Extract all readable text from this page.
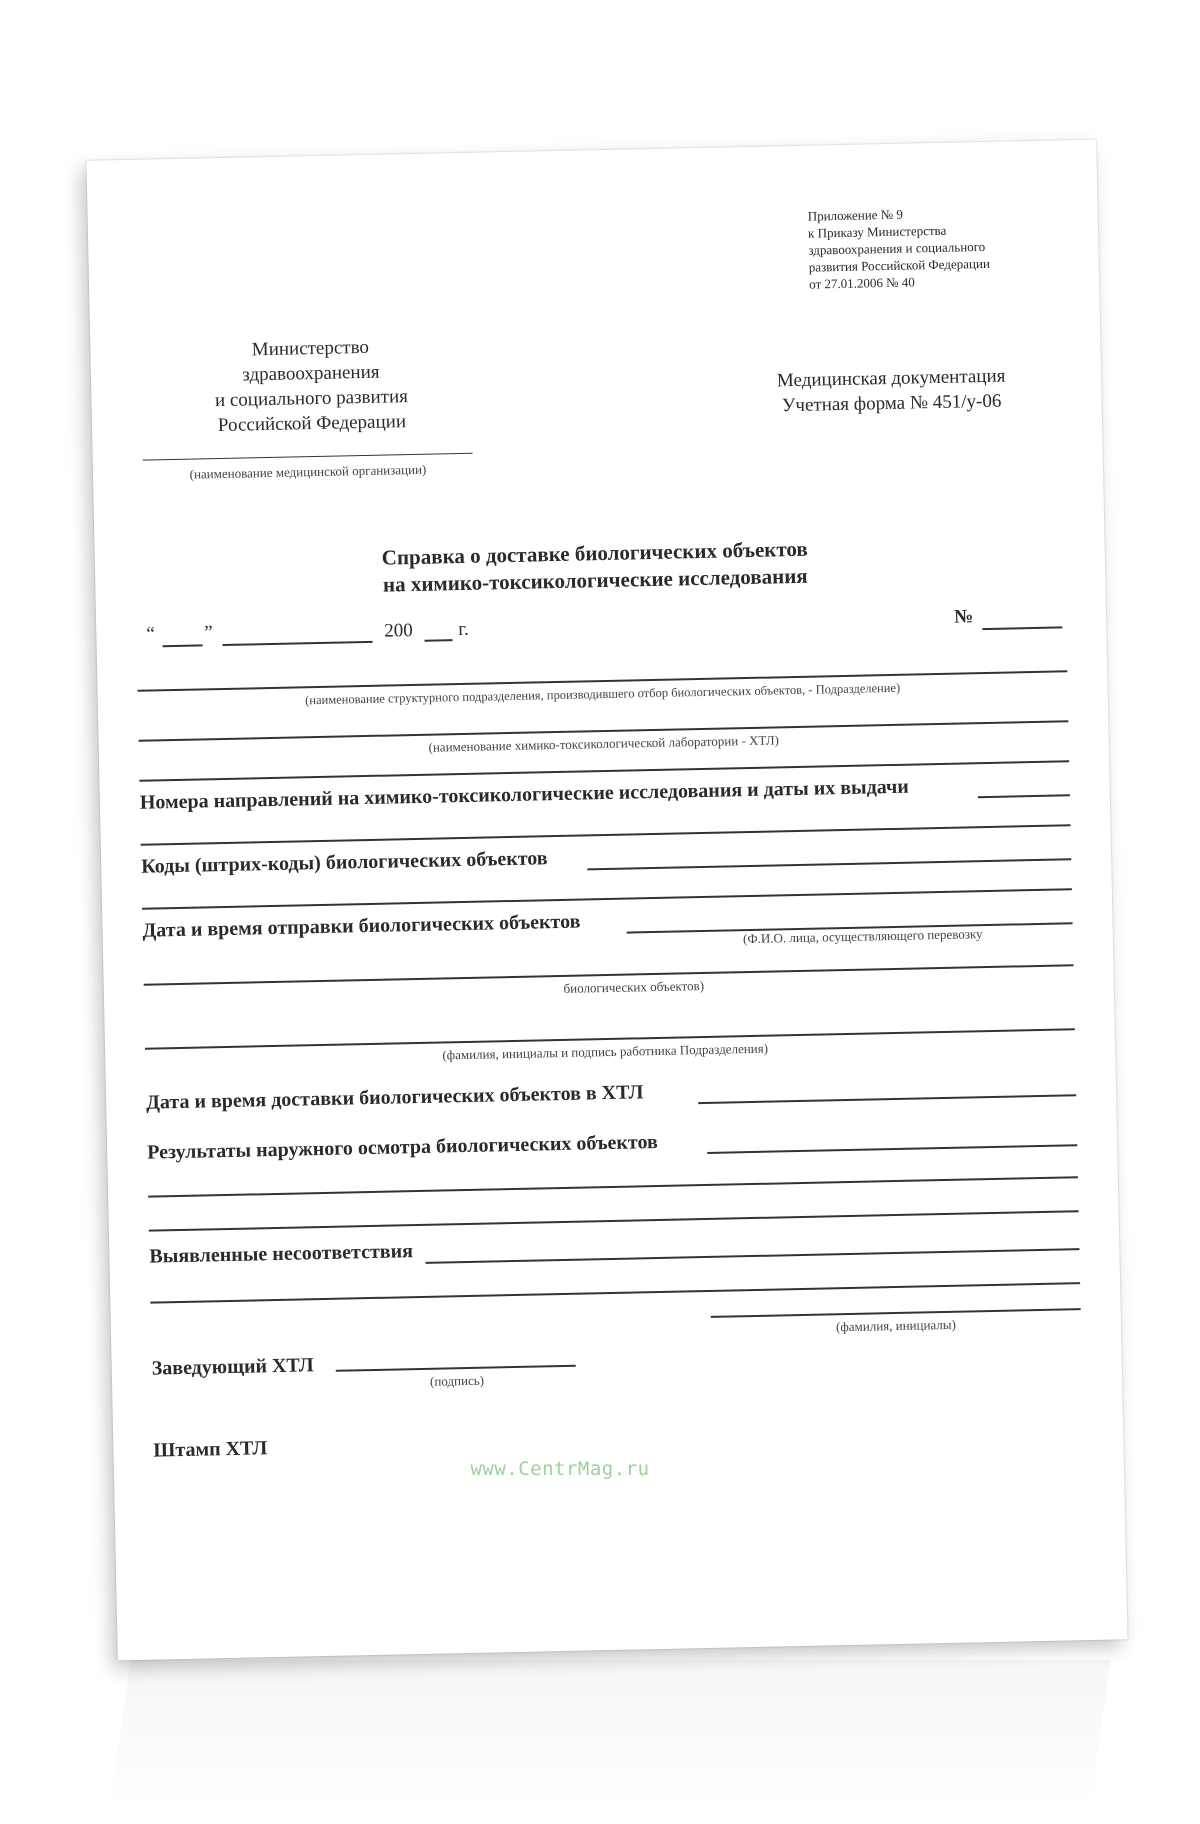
Приложение № 9
к Приказу Министерства
здравоохранения и социального
развития Российской Федерации
от 27.01.2006 № 40
Министерство
здравоохранения
и социального развития
Российской Федерации
(наименование медицинской организации)
Медицинская документация
Учетная форма № 451/у-06
Справка о доставке биологических объектов
на химико-токсикологические исследования
“	”	200 г.
№
(наименование структурного подразделения, производившего отбор биологических объектов, - Подразделение)
(наименование химико-токсикологической лаборатории - ХТЛ)
Номера направлений на химико-токсикологические исследования и даты их выдачи
Коды (штрих-коды) биологических объектов
Дата и время отправки биологических объектов	(Ф.И.О. лица, осуществляющего перевозку
биологических объектов)
(фамилия, инициалы и подпись работника Подразделения)
Дата и время доставки биологических объектов в ХТЛ
Результаты наружного осмотра биологических объектов
Выявленные несоответствия
(фамилия, инициалы)
Заведующий ХТЛ
(подпись)
Штамп ХТЛ
www.CentrMag.ru
